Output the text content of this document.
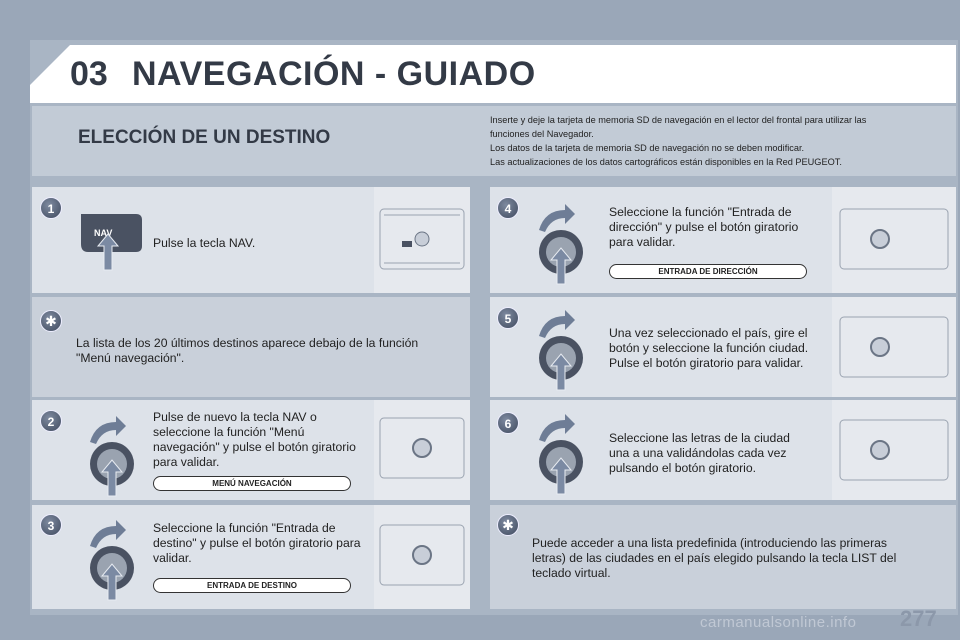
03 NAVEGACIÓN - GUIADO
ELECCIÓN DE UN DESTINO

Inserte y deje la tarjeta de memoria SD de navegación en el lector del frontal para utilizar las

funciones del Navegador.

Los datos de la tarjeta de memoria SD de navegación no se deben modificar.

Las actualizaciones de los datos cartográficos están disponibles en la Red PEUGEOT.

1
NAV
Pulse la tecla NAV.
✱
La lista de los 20 últimos destinos aparece debajo de la función "Menú navegación".
2	Pulse de nuevo la tecla NAV o seleccione la función "Menú navegación" y pulse el botón giratorio para validar.
MENÚ NAVEGACIÓN
3	Seleccione la función "Entrada de destino" y pulse el botón giratorio para validar.
ENTRADA DE DESTINO
4	Seleccione la función "Entrada de dirección" y pulse el botón giratorio para validar.
ENTRADA DE DIRECCIÓN
5
Una vez seleccionado el país, gire el botón y seleccione la función ciudad. Pulse el botón giratorio para validar.
6
Seleccione las letras de la ciudad una a una validándolas cada vez pulsando el botón giratorio.
✱
Puede acceder a una lista predefinida (introduciendo las primeras letras) de las ciudades en el país elegido pulsando la tecla LIST del teclado virtual.
carmanualsonline.info 277
